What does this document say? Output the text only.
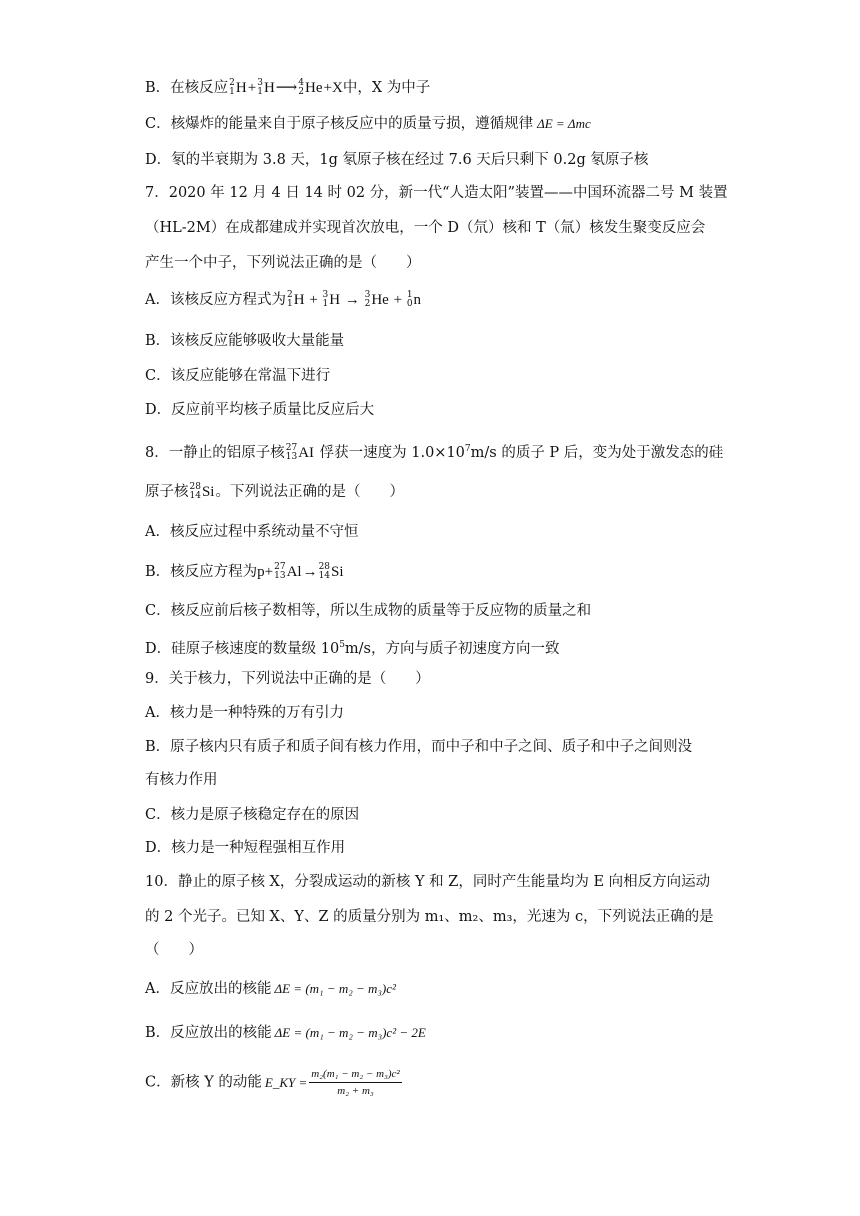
B．在核反应 2
1 H+ 3
1 H⟶ 4
2 He+X中，X 为中子
C．核爆炸的能量来自于原子核反应中的质量亏损，遵循规律 ΔE = Δmc
D．氡的半衰期为 3.8 天，1g 氡原子核在经过 7.6 天后只剩下 0.2g 氡原子核
7．2020 年 12 月 4 日 14 时 02 分，新一代“人造太阳”装置——中国环流器二号 M 装置
（HL-2M）在成都建成并实现首次放电，一个 D（氘）核和 T（氚）核发生聚变反应会
产生一个中子，下列说法正确的是（　　）
A．该核反应方程式为 2
1 H + 3
1 H → 3
2 He + 1
0 n
B．该核反应能够吸收大量能量
C．该反应能够在常温下进行
D．反应前平均核子质量比反应后大
8．一静止的铝原子核 27
13 AI 俘获一速度为 $1.0\times 10^7m/s$ 的质子 P 后，变为处于激发态的硅
原子核 28
14 Si。下列说法正确的是（　　）
A．核反应过程中系统动量不守恒
B．核反应方程为p+ 27
13 Al→ 28
14 Si
C．核反应前后核子数相等，所以生成物的质量等于反应物的质量之和
D．硅原子核速度的数量级 $10^5m/s$，方向与质子初速度方向一致
9．关于核力，下列说法中正确的是（　　）
A．核力是一种特殊的万有引力
B．原子核内只有质子和质子间有核力作用，而中子和中子之间、质子和中子之间则没
有核力作用
C．核力是原子核稳定存在的原因
D．核力是一种短程强相互作用
10．静止的原子核 X，分裂成运动的新核 Y 和 Z，同时产生能量均为 E 向相反方向运动
的 2 个光子。已知 X、Y、Z 的质量分别为 m₁、m₂、m₃，光速为 c，下列说法正确的是
（　　）
A．反应放出的核能 ΔE = (m₁ − m₂ − m₃)c²
B．反应放出的核能 ΔE = (m₁ − m₂ − m₃)c² − 2E
C．新核 Y 的动能 E_KY = $\frac{\text{m₂(m₁ − m₂ − m₃)c²}}{\text{m₂ + m₃}}$
